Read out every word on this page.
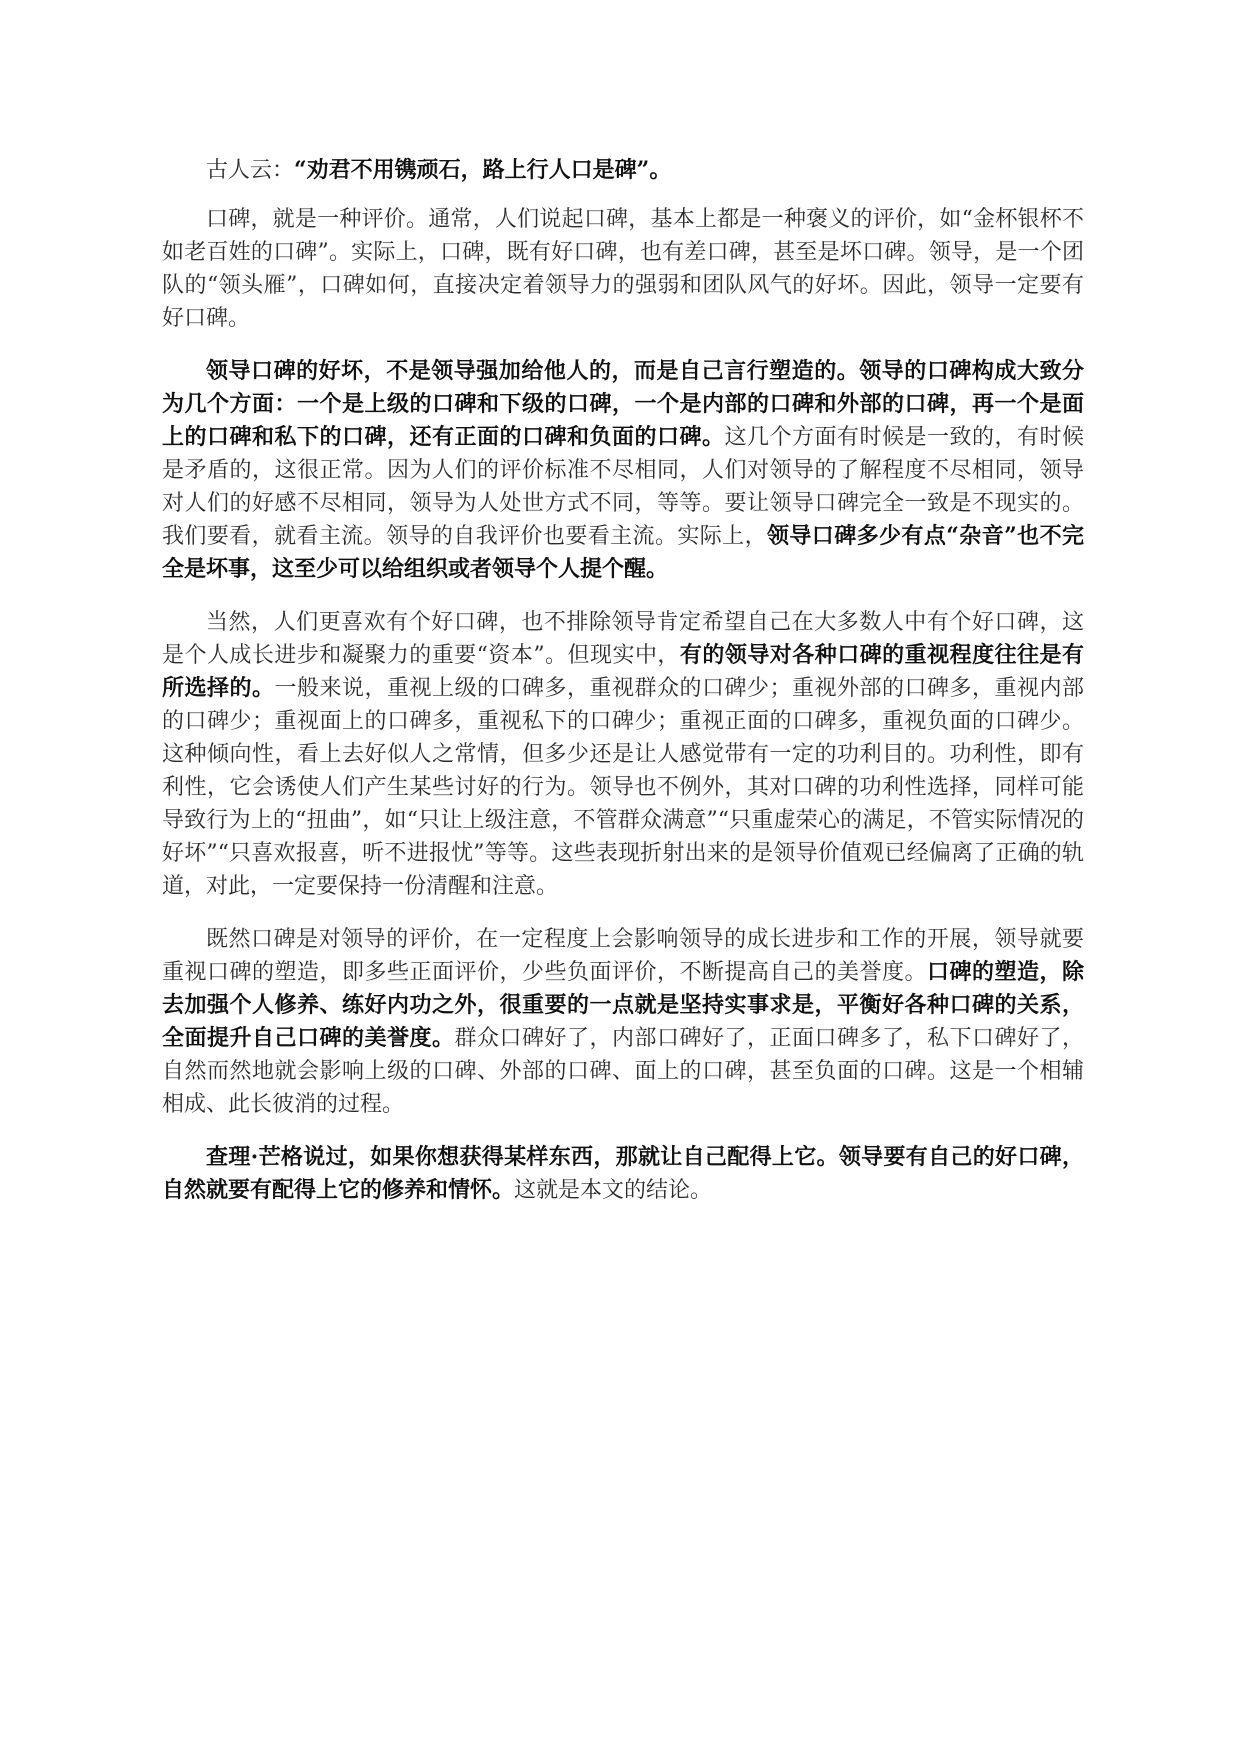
古人云：“劝君不用镌顽石，路上行人口是碑”。

口碑，就是一种评价。通常，人们说起口碑，基本上都是一种褒义的评价，如“金杯银杯不如老百姓的口碑”。实际上，口碑，既有好口碑，也有差口碑，甚至是坏口碑。领导，是一个团队的“领头雁”，口碑如何，直接决定着领导力的强弱和团队风气的好坏。因此，领导一定要有好口碑。

领导口碑的好坏，不是领导强加给他人的，而是自己言行塑造的。领导的口碑构成大致分为几个方面：一个是上级的口碑和下级的口碑，一个是内部的口碑和外部的口碑，再一个是面上的口碑和私下的口碑，还有正面的口碑和负面的口碑。这几个方面有时候是一致的，有时候是矛盾的，这很正常。因为人们的评价标准不尽相同，人们对领导的了解程度不尽相同，领导对人们的好感不尽相同，领导为人处世方式不同，等等。要让领导口碑完全一致是不现实的。我们要看，就看主流。领导的自我评价也要看主流。实际上，领导口碑多少有点“杂音”也不完全是坏事，这至少可以给组织或者领导个人提个醒。

当然，人们更喜欢有个好口碑，也不排除领导肯定希望自己在大多数人中有个好口碑，这是个人成长进步和凝聚力的重要“资本”。但现实中，有的领导对各种口碑的重视程度往往是有所选择的。一般来说，重视上级的口碑多，重视群众的口碑少；重视外部的口碑多，重视内部的口碑少；重视面上的口碑多，重视私下的口碑少；重视正面的口碑多，重视负面的口碑少。这种倾向性，看上去好似人之常情，但多少还是让人感觉带有一定的功利目的。功利性，即有利性，它会诱使人们产生某些讨好的行为。领导也不例外，其对口碑的功利性选择，同样可能导致行为上的“扭曲”，如“只让上级注意，不管群众满意”“只重虚荣心的满足，不管实际情况的好坏”“只喜欢报喜，听不进报忧”等等。这些表现折射出来的是领导价值观已经偏离了正确的轨道，对此，一定要保持一份清醒和注意。

既然口碑是对领导的评价，在一定程度上会影响领导的成长进步和工作的开展，领导就要重视口碑的塑造，即多些正面评价，少些负面评价，不断提高自己的美誉度。口碑的塑造，除去加强个人修养、练好内功之外，很重要的一点就是坚持实事求是，平衡好各种口碑的关系，全面提升自己口碑的美誉度。群众口碑好了，内部口碑好了，正面口碑多了，私下口碑好了，自然而然地就会影响上级的口碑、外部的口碑、面上的口碑，甚至负面的口碑。这是一个相辅相成、此长彼消的过程。

查理·芒格说过，如果你想获得某样东西，那就让自己配得上它。领导要有自己的好口碑，自然就要有配得上它的修养和情怀。这就是本文的结论。
